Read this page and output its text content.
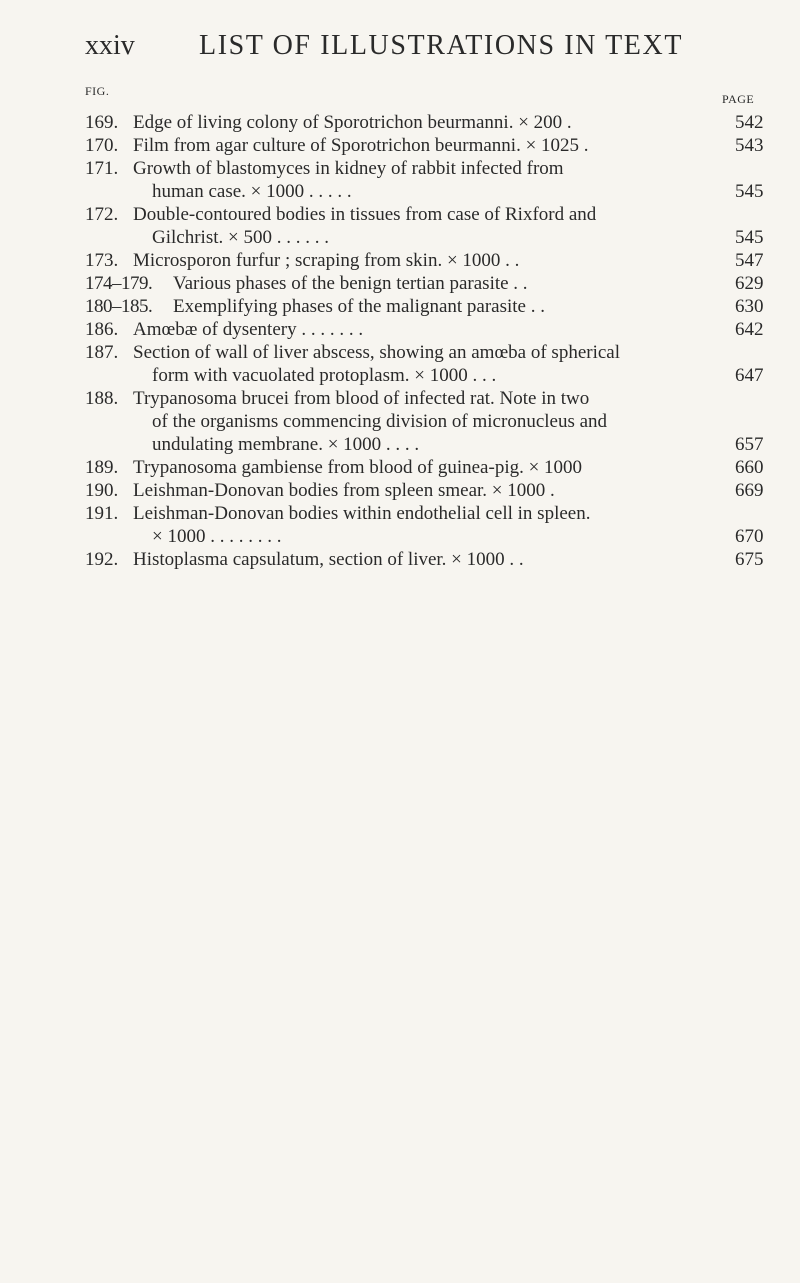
xxiv LIST OF ILLUSTRATIONS IN TEXT
FIG.
PAGE
169. Edge of living colony of Sporotrichon beurmanni. × 200 .	542
170. Film from agar culture of Sporotrichon beurmanni. × 1025 .	543
171. Growth of blastomyces in kidney of rabbit infected from
human case. × 1000 . . . . .	545
172. Double-contoured bodies in tissues from case of Rixford and
Gilchrist. × 500 . . . . . .	545
173. Microsporon furfur ; scraping from skin. × 1000 . .	547
174–179. Various phases of the benign tertian parasite . .	629
180–185. Exemplifying phases of the malignant parasite . .	630
186. Amœbæ of dysentery . . . . . . .	642
187. Section of wall of liver abscess, showing an amœba of spherical
form with vacuolated protoplasm. × 1000 . . .	647
188. Trypanosoma brucei from blood of infected rat. Note in two
of the organisms commencing division of micronucleus and
undulating membrane. × 1000 . . . .	657
189. Trypanosoma gambiense from blood of guinea-pig. × 1000	660
190. Leishman-Donovan bodies from spleen smear. × 1000 .	669
191. Leishman-Donovan bodies within endothelial cell in spleen.
× 1000 . . . . . . . .	670
192. Histoplasma capsulatum, section of liver. × 1000 . .	675
